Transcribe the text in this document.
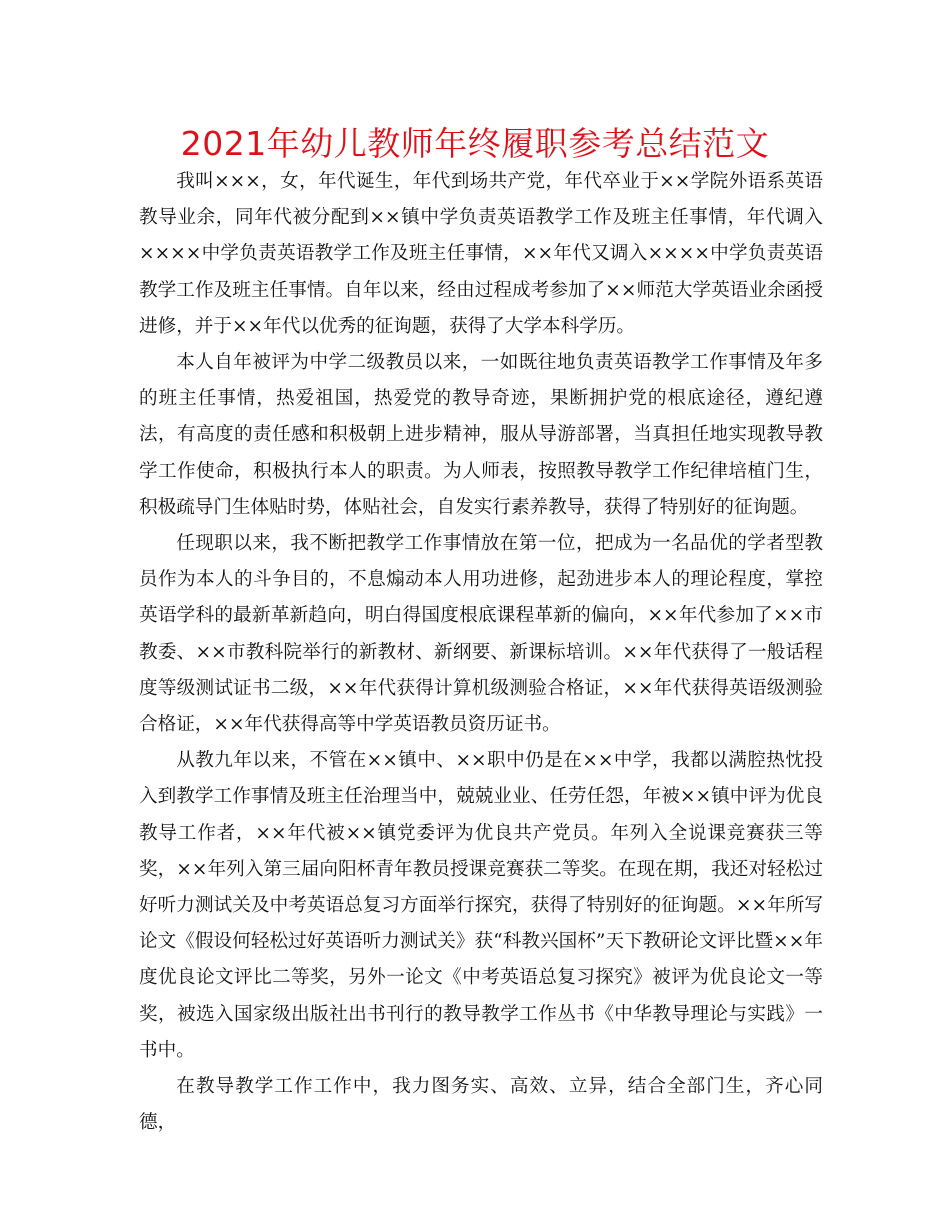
2021年幼儿教师年终履职参考总结范文

我叫×××，女，年代诞生，年代到场共产党，年代卒业于××学院外语系英语教导业余，同年代被分配到××镇中学负责英语教学工作及班主任事情，年代调入××××中学负责英语教学工作及班主任事情，××年代又调入××××中学负责英语教学工作及班主任事情。自年以来，经由过程成考参加了××师范大学英语业余函授进修，并于××年代以优秀的征询题，获得了大学本科学历。

本人自年被评为中学二级教员以来，一如既往地负责英语教学工作事情及年多的班主任事情，热爱祖国，热爱党的教导奇迹，果断拥护党的根底途径，遵纪遵法，有高度的责任感和积极朝上进步精神，服从导游部署，当真担任地实现教导教学工作使命，积极执行本人的职责。为人师表，按照教导教学工作纪律培植门生，积极疏导门生体贴时势，体贴社会，自发实行素养教导，获得了特别好的征询题。

任现职以来，我不断把教学工作事情放在第一位，把成为一名品优的学者型教员作为本人的斗争目的，不息煽动本人用功进修，起劲进步本人的理论程度，掌控英语学科的最新革新趋向，明白得国度根底课程革新的偏向，××年代参加了××市教委、××市教科院举行的新教材、新纲要、新课标培训。××年代获得了一般话程度等级测试证书二级，××年代获得计算机级测验合格证，××年代获得英语级测验合格证，××年代获得高等中学英语教员资历证书。

从教九年以来，不管在××镇中、××职中仍是在××中学，我都以满腔热忱投入到教学工作事情及班主任治理当中，兢兢业业、任劳任怨，年被××镇中评为优良教导工作者，××年代被××镇党委评为优良共产党员。年列入全说课竞赛获三等奖，××年列入第三届向阳杯青年教员授课竞赛获二等奖。在现在期，我还对轻松过好听力测试关及中考英语总复习方面举行探究，获得了特别好的征询题。××年所写论文《假设何轻松过好英语听力测试关》获“科教兴国杯”天下教研论文评比暨××年度优良论文评比二等奖，另外一论文《中考英语总复习探究》被评为优良论文一等奖，被选入国家级出版社出书刊行的教导教学工作丛书《中华教导理论与实践》一书中。

在教导教学工作工作中，我力图务实、高效、立异，结合全部门生，齐心同德，
